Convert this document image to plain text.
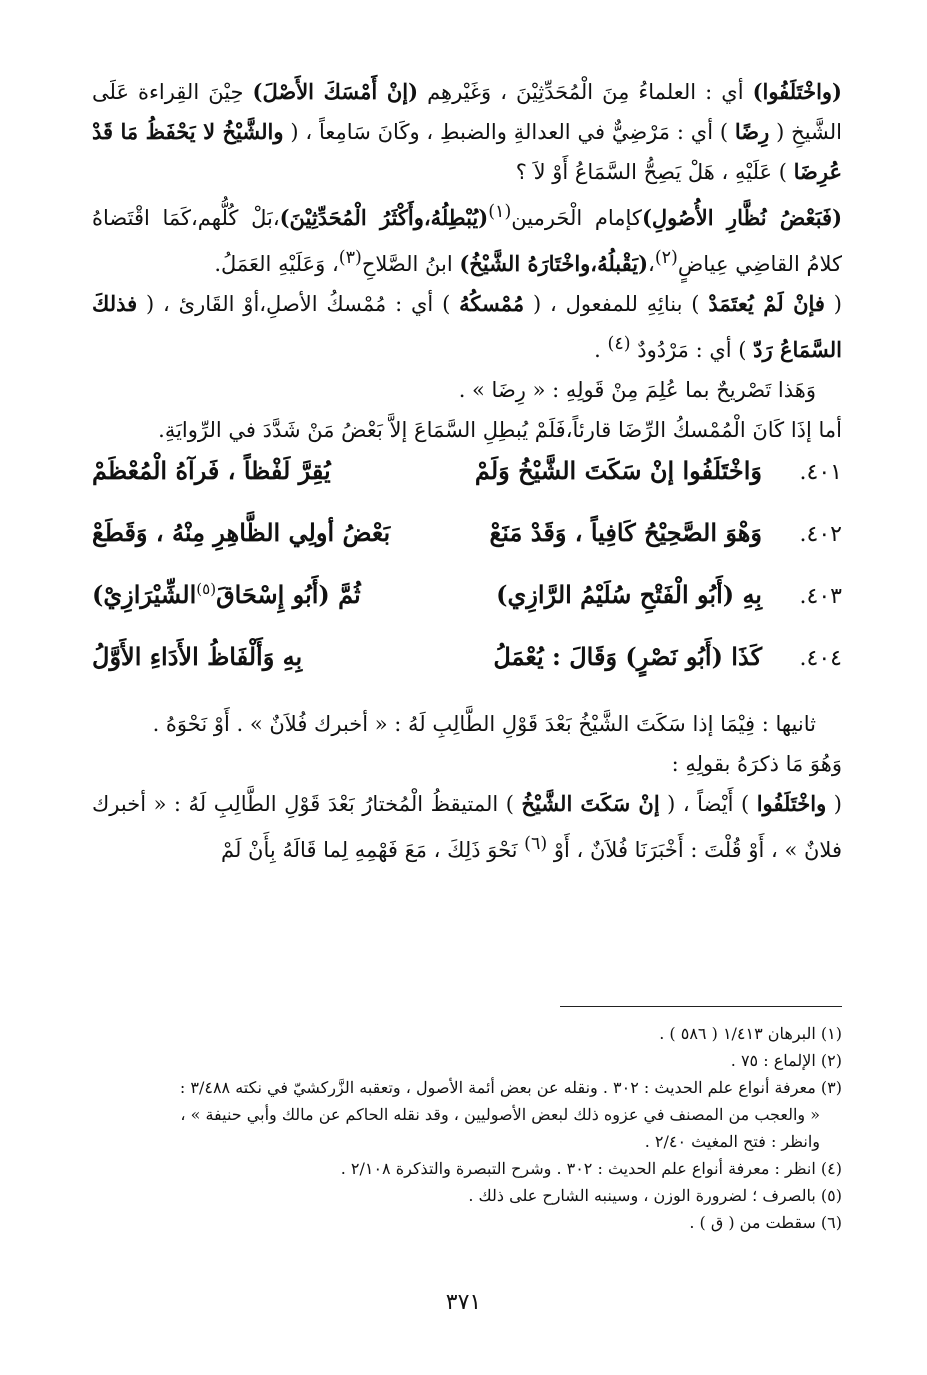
(واخْتَلَفُوا) أي : العلماءُ مِنَ الْمُحَدِّثِيْنَ ، وَغَيْرهِم (إنْ أَمْسَكَ الأَصْلَ) حِيْنَ القِراءة عَلَى الشَّيخِ ( رِضًا ) أي : مَرْضِيٌّ في العدالةِ والضبطِ ، وكَانَ سَامِعاً ، ( والشَّيْخُ لا يَحْفَظُ مَا قَدْ عُرِضَا ) عَلَيْهِ ، هَلْ يَصِحُّ السَّمَاعُ أَوْ لاَ ؟

(فَبَعْضُ نُظَّارِ الأُصُولِ)كإمام الْحَرمين$^{(١)}$(يُبْطِلُهُ،وأَكْثَرُ الْمُحَدِّثِيْنَ)،بَلْ كُلُّهم،كَمَا اقْتَضاهُ كلامُ القاضِي عِياضٍ$^{(٢)}$،(يَقْبلُهُ،واخْتَارَهُ الشَّيْخُ) ابنُ الصَّلاحِ$^{(٣)}$، وَعَلَيْهِ العَمَلُ.

( فإنْ لَمْ يُعتَمَدْ ) بنائِهِ للمفعول ، ( مُمْسكُهُ ) أي : مُمْسكُ الأصلِ،أوْ القَارئ ، ( فذلكَ السَّمَاعُ رَدّ ) أي : مَرْدُودٌ $^{(٤)}$ .

وَهَذا تَصْريحٌ بما عُلِمَ مِنْ قَولِهِ : « رِضَا » .

أما إذَا كَانَ الْمُمْسكُ الرِّضَا قارئاً،فَلَمْ يُبطِلِ السَّمَاعَ إلاَّ بَعْضُ مَنْ شَدَّدَ في الرِّوايَةِ.

٤٠١.
وَاخْتَلَفُوا إنْ سَكَتَ الشَّيْخُ وَلَمْ
يُقِرَّ لَفْظاً ، فَرآهُ الْمُعْظَمْ
٤٠٢.
وَهْوَ الصَّحِيْحُ كَافِياً ، وَقَدْ مَنَعْ
بَعْضُ أولِي الظَّاهِرِ مِنْهُ ، وَقَطَعْ
٤٠٣.
بِهِ (أَبُو الْفَتْحِ سُلَيْمُ الرَّازِي)
ثُمَّ (أَبُو إِسْحَاقَ$^{(٥)}$الشِّيْرَازِيْ)
٤٠٤.
كَذَا (أَبُو نَصْرٍ) وَقَالَ : يُعْمَلُ
بِهِ وَأَلْفَاظُ الأَدَاءِ الأَوَّلُ

ثانيها : فِيْمَا إذا سَكَتَ الشَّيْخُ بَعْدَ قَوْلِ الطَّالِبِ لَهُ : « أخبرك فُلاَنٌ » . أَوْ نَحْوَهُ .

وَهُوَ مَا ذكرَهُ بقولِهِ :

( واخْتَلَفُوا ) أَيْضاً ، ( إنْ سَكَتَ الشَّيْخُ ) المتيقظُ الْمُختارُ بَعْدَ قَوْلِ الطَّالِبِ لَهُ : « أخبرك فلانٌ » ، أَوْ قُلْتَ : أَخْبَرَنَا فُلاَنٌ ، أَوْ $^{(٦)}$ نَحْوَ ذَلِكَ ، مَعَ فَهْمِهِ لِما قَالَهُ بِأَنْ لَمْ

(١) البرهان ١/٤١٣ ( ٥٨٦ ) .

(٢) الإلماع : ٧٥ .

(٣) معرفة أنواع علم الحديث : ٣٠٢ . ونقله عن بعض أئمة الأصول ، وتعقبه الزَّركشيّ في نكته ٣/٤٨٨ :

« والعجب من المصنف في عزوه ذلك لبعض الأصوليين ، وقد نقله الحاكم عن مالك وأبي حنيفة » ،

وانظر : فتح المغيث ٢/٤٠ .

(٤) انظر : معرفة أنواع علم الحديث : ٣٠٢ . وشرح التبصرة والتذكرة ٢/١٠٨ .

(٥) بالصرف ؛ لضرورة الوزن ، وسينبه الشارح على ذلك .

(٦) سقطت من ( ق ) .

٣٧١
